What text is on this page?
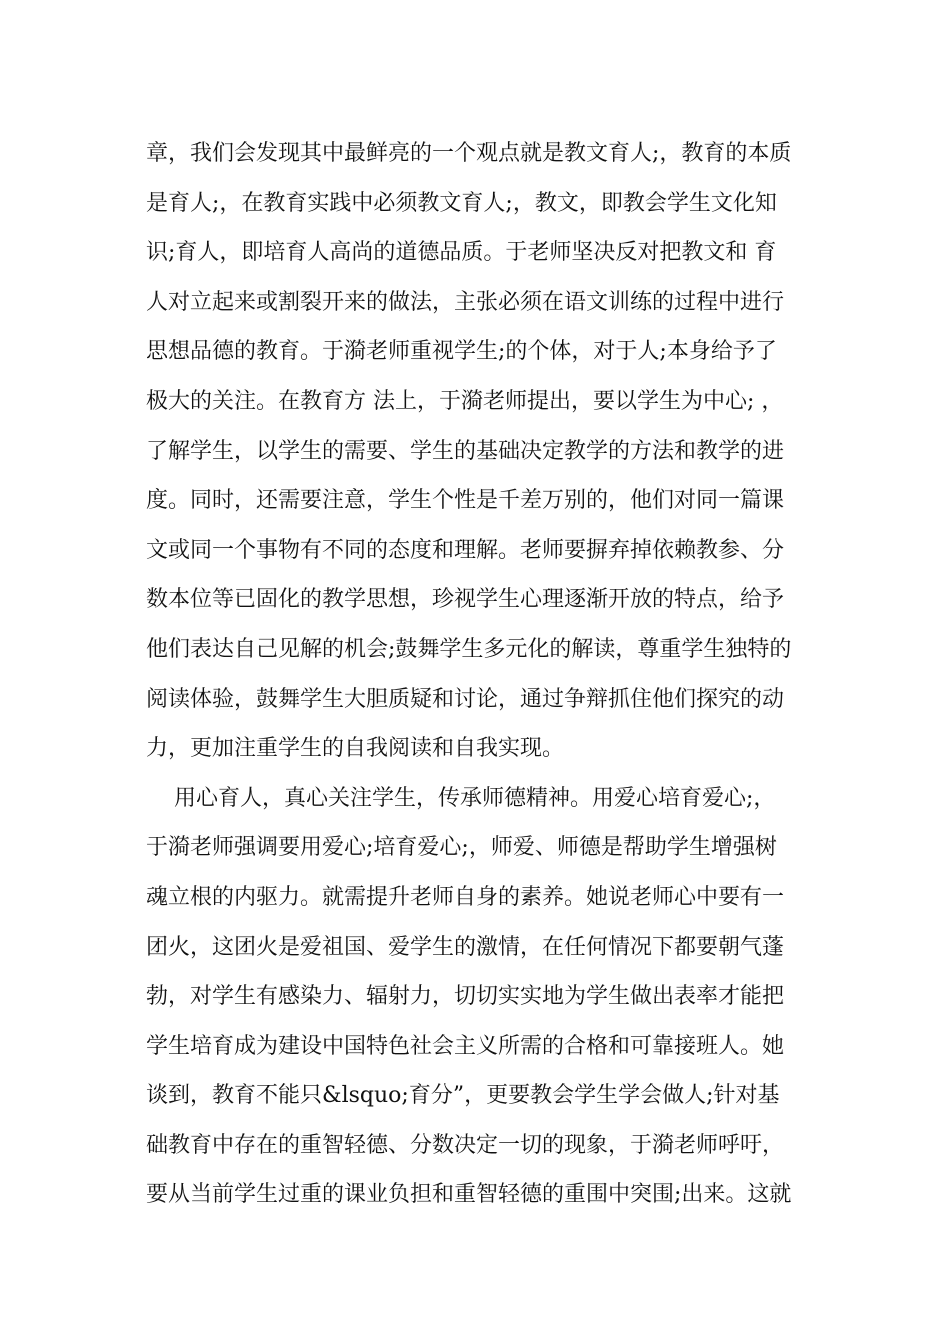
章，我们会发现其中最鲜亮的一个观点就是教文育人;，教育的本质
是育人;，在教育实践中必须教文育人;，教文，即教会学生文化知
识;育人，即培育人高尚的道德品质。于老师坚决反对把教文和 育
人对立起来或割裂开来的做法，主张必须在语文训练的过程中进行
思想品德的教育。于漪老师重视学生;的个体，对于人;本身给予了
极大的关注。在教育方 法上，于漪老师提出，要以学生为中心; ，
了解学生，以学生的需要、学生的基础决定教学的方法和教学的进
度。同时，还需要注意，学生个性是千差万别的，他们对同一篇课
文或同一个事物有不同的态度和理解。老师要摒弃掉依赖教参、分
数本位等已固化的教学思想，珍视学生心理逐渐开放的特点，给予
他们表达自己见解的机会;鼓舞学生多元化的解读，尊重学生独特的
阅读体验，鼓舞学生大胆质疑和讨论，通过争辩抓住他们探究的动
力，更加注重学生的自我阅读和自我实现。
用心育人，真心关注学生，传承师德精神。用爱心培育爱心;，
于漪老师强调要用爱心;培育爱心;，师爱、师德是帮助学生增强树
魂立根的内驱力。就需提升老师自身的素养。她说老师心中要有一
团火，这团火是爱祖国、爱学生的激情，在任何情况下都要朝气蓬
勃，对学生有感染力、辐射力，切切实实地为学生做出表率才能把
学生培育成为建设中国特色社会主义所需的合格和可靠接班人。她
谈到，教育不能只&lsquo;育分”，更要教会学生学会做人;针对基
础教育中存在的重智轻德、分数决定一切的现象，于漪老师呼吁，
要从当前学生过重的课业负担和重智轻德的重围中突围;出来。这就
